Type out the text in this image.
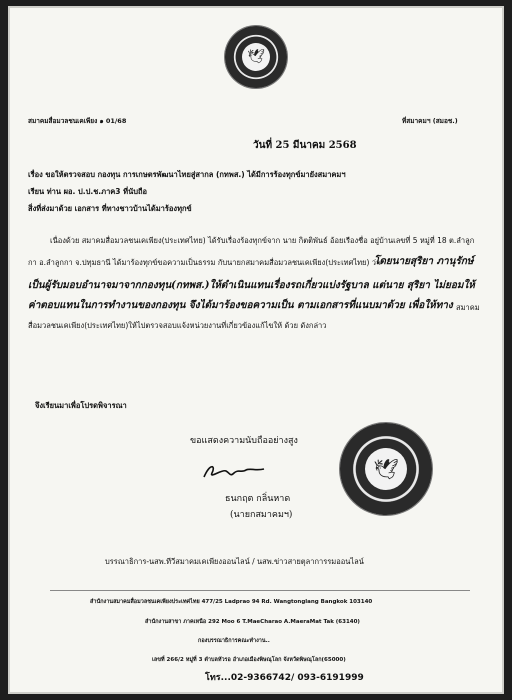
🕊
สมาคมสื่อมวลชนเคเพียง ๑ 01/68	ที่สมาคมฯ (สมอช.)
วันที่ 25 มีนาคม 2568
เรื่อง ขอให้ตรวจสอบ กองทุน การเกษตรพัฒนาไทยสู่สากล (กทพส.) ได้มีการร้องทุกข์มายังสมาคมฯ
เรียน ท่าน ผอ. ป.ป.ช.ภาค3 ที่นับถือ
สิ่งที่ส่งมาด้วย เอกสาร ที่ทางชาวบ้านได้มาร้องทุกข์
เนื่องด้วย สมาคมสื่อมวลชนเคเพียง(ประเทศไทย) ได้รับเรื่องร้องทุกข์จาก นาย กิตติพันธ์ อ้อยเรืองชื่อ อยู่บ้านเลขที่ 5 หมู่ที่ 18 ต.ลำลูก
กา อ.ลำลูกกา จ.ปทุมธานี ได้มาร้องทุกข์ขอความเป็นธรรม กับนายกสมาคมสื่อมวลชนเคเพียง(ประเทศไทย) ว่า
โดยนายสุริยา ภานุรักษ์
เป็นผู้รับมอบอำนาจมาจากกองทุน(กทพส.)ให้ดำเนินแทนเรื่องรถเกี่ยวแบ่งรัฐบาล แต่นาย สุริยา ไม่ยอมให้
ค่าตอบแทนในการทำงานของกองทุน จึงได้มาร้องขอความเป็น ตามเอกสารที่แนบมาด้วย เพื่อให้ทาง สมาคม
สื่อมวลชนเคเพียง(ประเทศไทย)ให้ไปตรวจสอบแจ้งหน่วยงานที่เกี่ยวข้องแก้ไขให้ ด้วย ดังกล่าว
จึงเรียนมาเพื่อโปรดพิจารณา
ขอแสดงความนับถืออย่างสูง
ธนกฤต กลิ่นหาด
(นายกสมาคมฯ)
🕊
บรรณาธิการ-นสพ.ทีวีสมาคมเคเพียงออนไลน์ / นสพ.ข่าวสายตุลาการรมออนไลน์
สำนักงานสมาคมสื่อมวลชนเคเพียงประเทศไทย 477/25 Ladprao 94 Rd. Wangtonglang Bangkok 103140
สำนักงานสาขา ภาคเหนือ 292 Moo 6 T.MaeCharao A.MaeraMat Tak (63140)
กองบรรณาธิการคณะทำงาน..
เลขที่ 266/2 หมู่ที่ 3 ตำบลหัวรอ อำเภอเมืองพิษณุโลก จังหวัดพิษณุโลก(65000)
โทร...02-9366742/ 093-6191999
